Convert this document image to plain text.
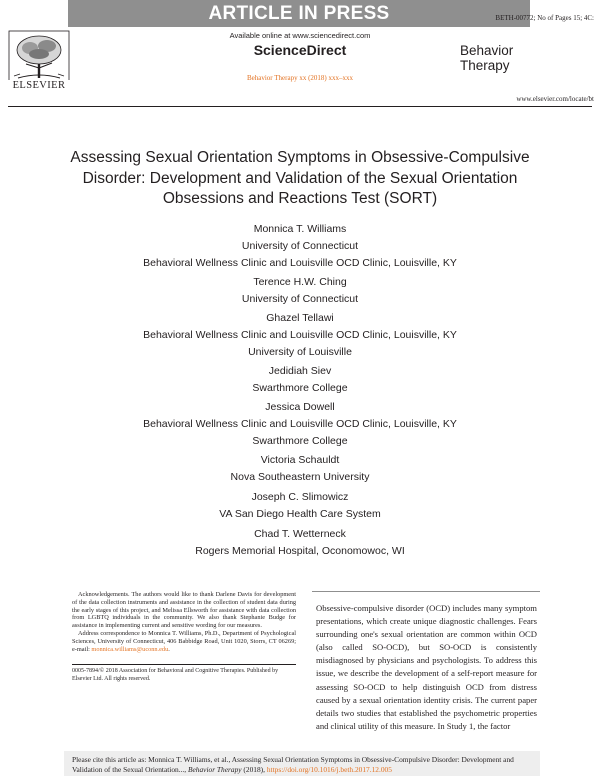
ARTICLE IN PRESS	BETH-00772; No of Pages 15; 4C:
ELSEVIER
Available online at www.sciencedirect.com
ScienceDirect
Behavior Therapy xx (2018) xxx–xxx
Behavior
Therapy
www.elsevier.com/locate/bt
Assessing Sexual Orientation Symptoms in Obsessive-Compulsive Disorder: Development and Validation of the Sexual Orientation Obsessions and Reactions Test (SORT)
Monnica T. Williams
University of Connecticut
Behavioral Wellness Clinic and Louisville OCD Clinic, Louisville, KY
Terence H.W. Ching
University of Connecticut
Ghazel Tellawi
Behavioral Wellness Clinic and Louisville OCD Clinic, Louisville, KY
University of Louisville
Jedidiah Siev
Swarthmore College
Jessica Dowell
Behavioral Wellness Clinic and Louisville OCD Clinic, Louisville, KY
Swarthmore College
Victoria Schauldt
Nova Southeastern University
Joseph C. Slimowicz
VA San Diego Health Care System
Chad T. Wetterneck
Rogers Memorial Hospital, Oconomowoc, WI

Acknowledgements. The authors would like to thank Darlene Davis for development of the data collection instruments and assistance in the collection of student data during the early stages of this project, and Melissa Ellsworth for assistance with data collection from LGBTQ individuals in the community. We also thank Stephanie Budge for assistance in implementing current and sensitive wording for our measures.

Address correspondence to Monnica T. Williams, Ph.D., Department of Psychological Sciences, University of Connecticut, 406 Babbidge Road, Unit 1020, Storrs, CT 06269; e-mail: monnica.williams@uconn.edu.

0005-7894/© 2018 Association for Behavioral and Cognitive Therapies. Published by Elsevier Ltd. All rights reserved.
Obsessive-compulsive disorder (OCD) includes many symptom presentations, which create unique diagnostic challenges. Fears surrounding one's sexual orientation are common within OCD (also called SO-OCD), but SO-OCD is consistently misdiagnosed by physicians and psychologists. To address this issue, we describe the development of a self-report measure for assessing SO-OCD to help distinguish OCD from distress caused by a sexual orientation identity crisis. The current paper details two studies that established the psychometric properties and clinical utility of this measure. In Study 1, the factor
Please cite this article as: Monnica T. Williams, et al., Assessing Sexual Orientation Symptoms in Obsessive-Compulsive Disorder: Development and Validation of the Sexual Orientation..., Behavior Therapy (2018), https://doi.org/10.1016/j.beth.2017.12.005
